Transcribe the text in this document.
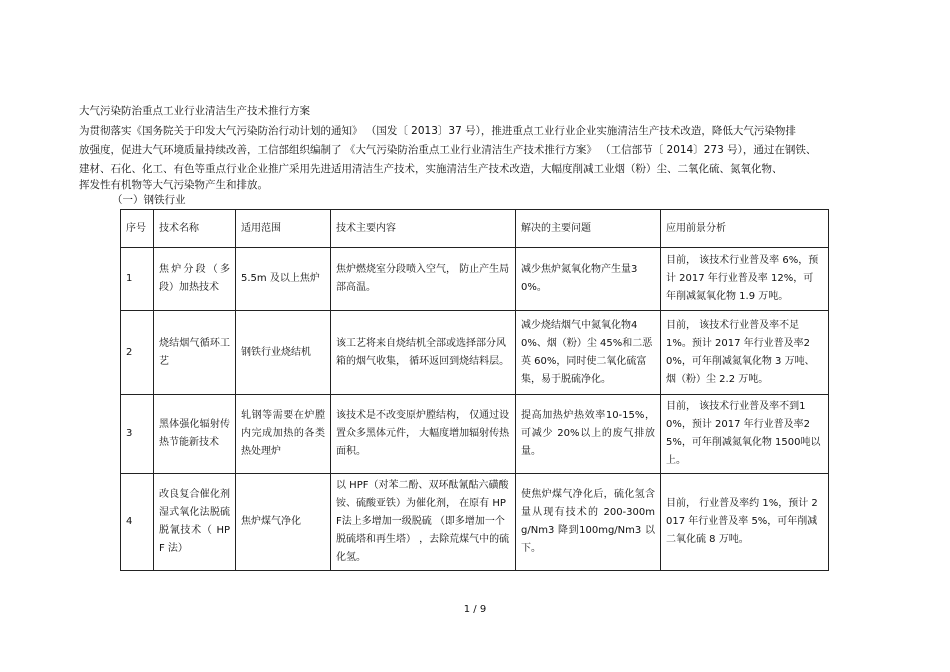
大气污染防治重点工业行业清洁生产技术推行方案
为贯彻落实《国务院关于印发大气污染防治行动计划的通知》 （国发〔 2013〕37 号），推进重点工业行业企业实施清洁生产技术改造，降低大气污染物排
放强度，促进大气环境质量持续改善，工信部组织编制了 《大气污染防治重点工业行业清洁生产技术推行方案》 （工信部节〔 2014〕273 号），通过在钢铁、
建材、石化、化工、有色等重点行业企业推广采用先进适用清洁生产技术，实施清洁生产技术改造，大幅度削减工业烟（粉）尘、二氧化硫、氮氧化物、
挥发性有机物等大气污染物产生和排放。
（一）钢铁行业
序号	技术名称	适用范围	技术主要内容	解决的主要问题	应用前景分析
1	焦炉分段（多段）加热技术	5.5m 及以上焦炉	焦炉燃烧室分段喷入空气， 防止产生局部高温。	减少焦炉氮氧化物产生量30%。	目前， 该技术行业普及率 6%，预计 2017 年行业普及率 12%，可年削减氮氧化物 1.9 万吨。
2	烧结烟气循环工艺	钢铁行业烧结机	该工艺将来自烧结机全部或选择部分风箱的烟气收集， 循环返回到烧结料层。	减少烧结烟气中氮氧化物40%、烟（粉）尘 45%和二恶英 60%，同时使二氧化硫富集，易于脱硫净化。	目前， 该技术行业普及率不足1%。预计 2017 年行业普及率20%，可年削减氮氧化物 3 万吨、烟（粉）尘 2.2 万吨。
3	黑体强化辐射传热节能新技术	轧钢等需要在炉膛内完成加热的各类热处理炉	该技术是不改变原炉膛结构， 仅通过设置众多黑体元件， 大幅度增加辐射传热面积。	提高加热炉热效率10-15%，可减少 20%以上的废气排放量。	目前， 该技术行业普及率不到10%，预计 2017 年行业普及率25%，可年削减氮氧化物 1500吨以上。
4	改良复合催化剂湿式氧化法脱硫脱氰技术（ HPF 法）	焦炉煤气净化	以 HPF（对苯二酚、双环酞氰酤六磺酸铵、硫酸亚铁）为催化剂， 在原有 HPF法上多增加一级脱硫 （即多增加一个脱硫塔和再生塔） ，去除荒煤气中的硫化氢。	使焦炉煤气净化后，硫化氢含量从现有技术的 200-300mg/Nm3 降到100mg/Nm3 以下。	目前， 行业普及率约 1%，预计 2017 年行业普及率 5%，可年削减二氧化硫 8 万吨。
1 / 9
